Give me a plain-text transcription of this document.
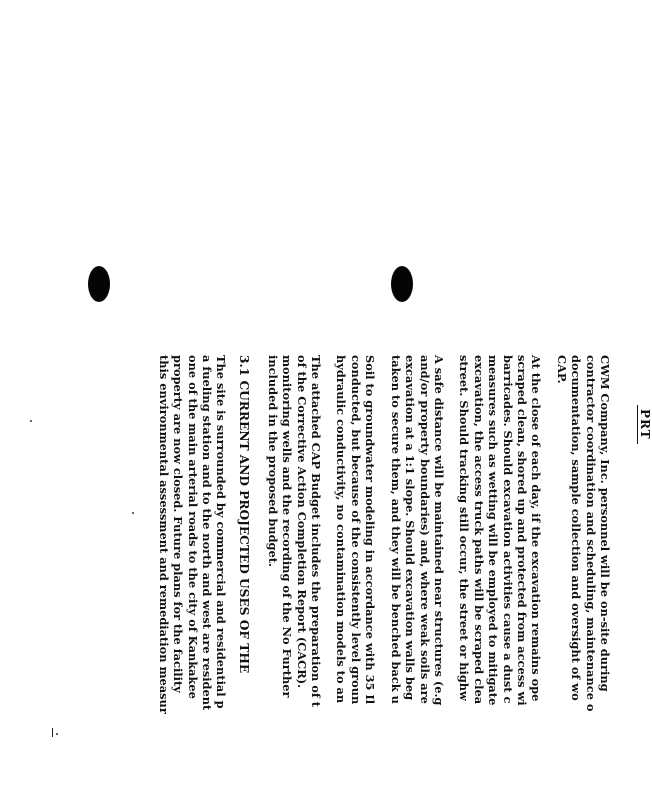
PRT

CWM Company, Inc. personnel will be on-site during
contractor coordination and scheduling, maintenance o
documentation, sample collection and oversight of wo
CAP.

At the close of each day, if the excavation remains ope
scraped clean, shored up and protected from access wi
barricades. Should excavation activities cause a dust c
measures such as wetting will be employed to mitigate
excavation, the access truck paths will be scraped clea
street. Should tracking still occur, the street or highw

A safe distance will be maintained near structures (e.g
and/or property boundaries) and, where weak soils are
excavation at a 1:1 slope. Should excavation walls beg
taken to secure them, and they will be benched back u

Soil to groundwater modeling in accordance with 35 Il
conducted, but because of the consistently level groun
hydraulic conductivity, no contamination models to an

The attached CAP Budget includes the preparation of t
of the Corrective Action Completion Report (CACR).
monitoring wells and the recording of the No Further
included in the proposed budget.

3.1 CURRENT AND PROJECTED USES OF THE

The site is surrounded by commercial and residential p
a fueling station and to the north and west are resident
one of the main arterial roads to the city of Kankakee
property are now closed. Future plans for the facility
this environmental assessment and remediation measur
